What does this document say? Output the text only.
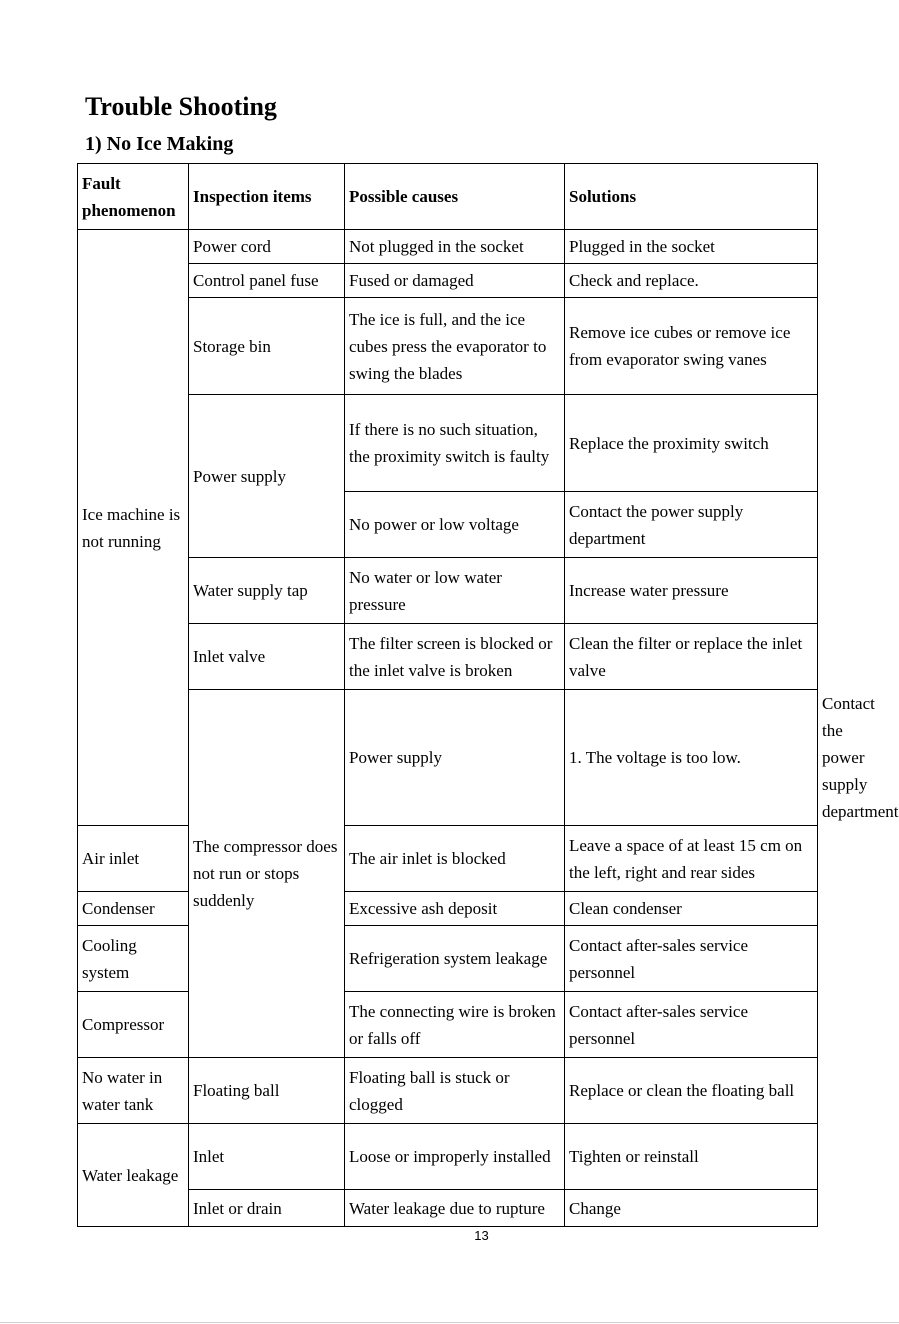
Trouble Shooting
1) No Ice Making
Fault phenomenon	Inspection items	Possible causes	Solutions	
Ice machine is not running	Power cord	Not plugged in the socket	Plugged in the socket	
	Control panel fuse	Fused or damaged	Check and replace.	
	Storage bin	The ice is full, and the ice cubes press the evaporator to swing the blades	Remove ice cubes or remove ice from evaporator swing vanes	
	Power supply	If there is no such situation, the proximity switch is faulty	Replace the proximity switch	
		No power or low voltage	Contact the power supply department	
	Water supply tap	No water or low water pressure	Increase water pressure	
	Inlet valve	The filter screen is blocked or the inlet valve is broken	Clean the filter or replace the inlet valve	
	The compressor does not run or stops suddenly	Power supply	1. The voltage is too low.	Contact the power supply department
Air inlet		The air inlet is blocked	Leave a space of at least 15 cm on the left, right and rear sides	
Condenser		Excessive ash deposit	Clean condenser	
Cooling system		Refrigeration system leakage	Contact after-sales service personnel	
Compressor		The connecting wire is broken or falls off	Contact after-sales service personnel	
No water in water tank	Floating ball	Floating ball is stuck or clogged	Replace or clean the floating ball	
Water leakage	Inlet	Loose or improperly installed	Tighten or reinstall	
	Inlet or drain	Water leakage due to rupture	Change	
13
